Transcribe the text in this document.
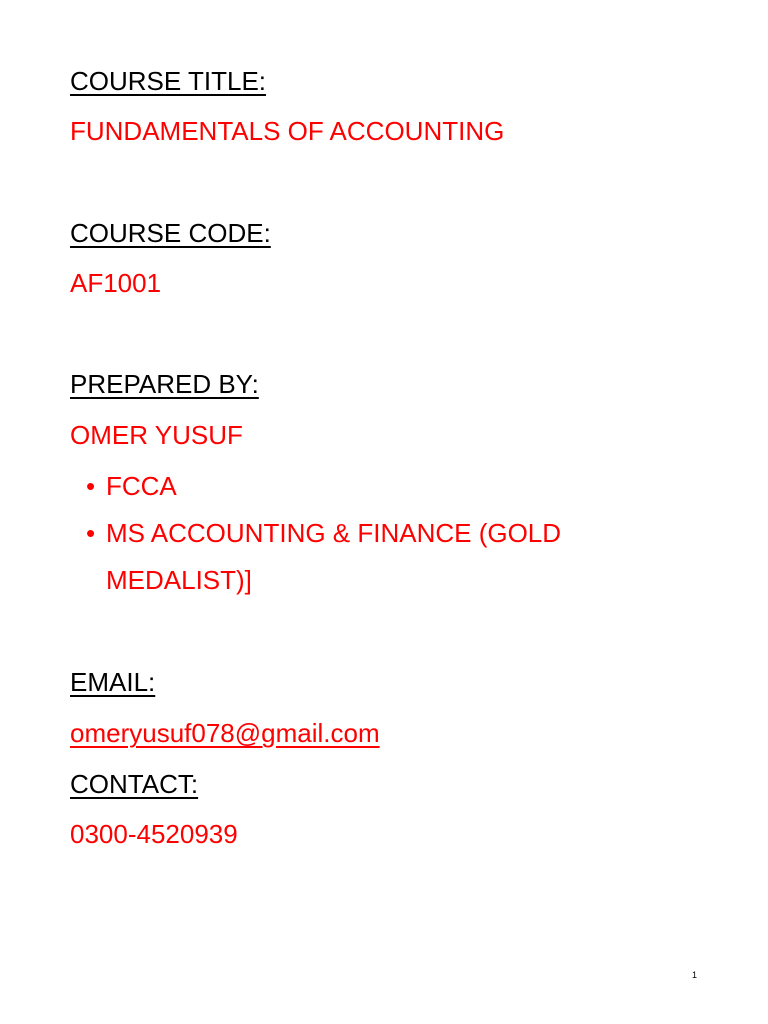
COURSE TITLE:
FUNDAMENTALS OF ACCOUNTING
COURSE CODE:
AF1001
PREPARED BY:
OMER YUSUF
• FCCA
• MS ACCOUNTING & FINANCE (GOLD
MEDALIST)]
EMAIL:
omeryusuf078@gmail.com
CONTACT:
0300-4520939
1
